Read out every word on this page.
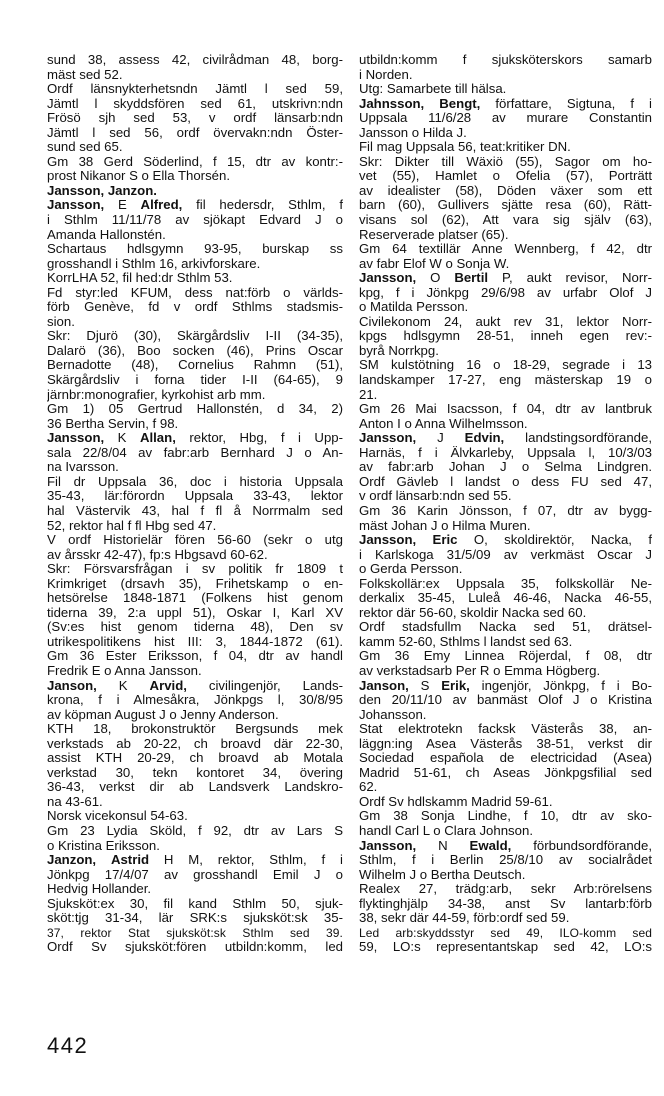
sund 38, assess 42, civilrådman 48, borg-
mäst sed 52.
Ordf länsnykterhetsndn Jämtl l sed 59,
Jämtl l skyddsfören sed 61, utskrivn:ndn
Frösö sjh sed 53, v ordf länsarb:ndn
Jämtl l sed 56, ordf övervakn:ndn Öster-
sund sed 65.
Gm 38 Gerd Söderlind, f 15, dtr av kontr:-
prost Nikanor S o Ella Thorsén.
Jansson, Janzon.
Jansson, E Alfred, fil hedersdr, Sthlm, f
i Sthlm 11/11/78 av sjökapt Edvard J o
Amanda Hallonstén.
Schartaus hdlsgymn 93-95, burskap ss
grosshandl i Sthlm 16, arkivforskare.
KorrLHA 52, fil hed:dr Sthlm 53.
Fd styr:led KFUM, dess nat:förb o världs-
förb Genève, fd v ordf Sthlms stadsmis-
sion.
Skr: Djurö (30), Skärgårdsliv I-II (34-35),
Dalarö (36), Boo socken (46), Prins Oscar
Bernadotte (48), Cornelius Rahmn (51),
Skärgårdsliv i forna tider I-II (64-65), 9
järnbr:monografier, kyrkohist arb mm.
Gm 1) 05 Gertrud Hallonstén, d 34, 2)
36 Bertha Servin, f 98.
Jansson, K Allan, rektor, Hbg, f i Upp-
sala 22/8/04 av fabr:arb Bernhard J o An-
na Ivarsson.
Fil dr Uppsala 36, doc i historia Uppsala
35-43, lär:förordn Uppsala 33-43, lektor
hal Västervik 43, hal f fl å Norrmalm sed
52, rektor hal f fl Hbg sed 47.
V ordf Historielär fören 56-60 (sekr o utg
av årsskr 42-47), fp:s Hbgsavd 60-62.
Skr: Försvarsfrågan i sv politik fr 1809 t
Krimkriget (drsavh 35), Frihetskamp o en-
hetsörelse 1848-1871 (Folkens hist genom
tiderna 39, 2:a uppl 51), Oskar I, Karl XV
(Sv:es hist genom tiderna 48), Den sv
utrikespolitikens hist III: 3, 1844-1872 (61).
Gm 36 Ester Eriksson, f 04, dtr av handl
Fredrik E o Anna Jansson.
Janson, K Arvid, civilingenjör, Lands-
krona, f i Almesåkra, Jönkpgs l, 30/8/95
av köpman August J o Jenny Anderson.
KTH 18, brokonstruktör Bergsunds mek
verkstads ab 20-22, ch broavd där 22-30,
assist KTH 20-29, ch broavd ab Motala
verkstad 30, tekn kontoret 34, övering
36-43, verkst dir ab Landsverk Landskro-
na 43-61.
Norsk vicekonsul 54-63.
Gm 23 Lydia Sköld, f 92, dtr av Lars S
o Kristina Eriksson.
Janzon, Astrid H M, rektor, Sthlm, f i
Jönkpg 17/4/07 av grosshandl Emil J o
Hedvig Hollander.
Sjuksköt:ex 30, fil kand Sthlm 50, sjuk-
sköt:tjg 31-34, lär SRK:s sjuksköt:sk 35-
37, rektor Stat sjuksköt:sk Sthlm sed 39.
Ordf Sv sjuksköt:fören utbildn:komm, led
utbildn:komm f sjuksköterskors samarb
i Norden.
Utg: Samarbete till hälsa.
Jahnsson, Bengt, författare, Sigtuna, f i
Uppsala 11/6/28 av murare Constantin
Jansson o Hilda J.
Fil mag Uppsala 56, teat:kritiker DN.
Skr: Dikter till Wäxiö (55), Sagor om ho-
vet (55), Hamlet o Ofelia (57), Porträtt
av idealister (58), Döden växer som ett
barn (60), Gullivers sjätte resa (60), Rätt-
visans sol (62), Att vara sig själv (63),
Reserverade platser (65).
Gm 64 textillär Anne Wennberg, f 42, dtr
av fabr Elof W o Sonja W.
Jansson, O Bertil P, aukt revisor, Norr-
kpg, f i Jönkpg 29/6/98 av urfabr Olof J
o Matilda Persson.
Civilekonom 24, aukt rev 31, lektor Norr-
kpgs hdlsgymn 28-51, inneh egen rev:-
byrå Norrkpg.
SM kulstötning 16 o 18-29, segrade i 13
landskamper 17-27, eng mästerskap 19 o
21.
Gm 26 Mai Isacsson, f 04, dtr av lantbruk
Anton I o Anna Wilhelmsson.
Jansson, J Edvin, landstingsordförande,
Harnäs, f i Älvkarleby, Uppsala l, 10/3/03
av fabr:arb Johan J o Selma Lindgren.
Ordf Gävleb l landst o dess FU sed 47,
v ordf länsarb:ndn sed 55.
Gm 36 Karin Jönsson, f 07, dtr av bygg-
mäst Johan J o Hilma Muren.
Jansson, Eric O, skoldirektör, Nacka, f
i Karlskoga 31/5/09 av verkmäst Oscar J
o Gerda Persson.
Folkskollär:ex Uppsala 35, folkskollär Ne-
derkalix 35-45, Luleå 46-46, Nacka 46-55,
rektor där 56-60, skoldir Nacka sed 60.
Ordf stadsfullm Nacka sed 51, drätsel-
kamm 52-60, Sthlms l landst sed 63.
Gm 36 Emy Linnea Röjerdal, f 08, dtr
av verkstadsarb Per R o Emma Högberg.
Janson, S Erik, ingenjör, Jönkpg, f i Bo-
den 20/11/10 av banmäst Olof J o Kristina
Johansson.
Stat elektrotekn facksk Västerås 38, an-
läggn:ing Asea Västerås 38-51, verkst dir
Sociedad española de electricidad (Asea)
Madrid 51-61, ch Aseas Jönkpgsfilial sed
62.
Ordf Sv hdlskamm Madrid 59-61.
Gm 38 Sonja Lindhe, f 10, dtr av sko-
handl Carl L o Clara Johnson.
Jansson, N Ewald, förbundsordförande,
Sthlm, f i Berlin 25/8/10 av socialrådet
Wilhelm J o Bertha Deutsch.
Realex 27, trädg:arb, sekr Arb:rörelsens
flyktinghjälp 34-38, anst Sv lantarb:förb
38, sekr där 44-59, förb:ordf sed 59.
Led arb:skyddsstyr sed 49, ILO-komm sed
59, LO:s representantskap sed 42, LO:s
442
